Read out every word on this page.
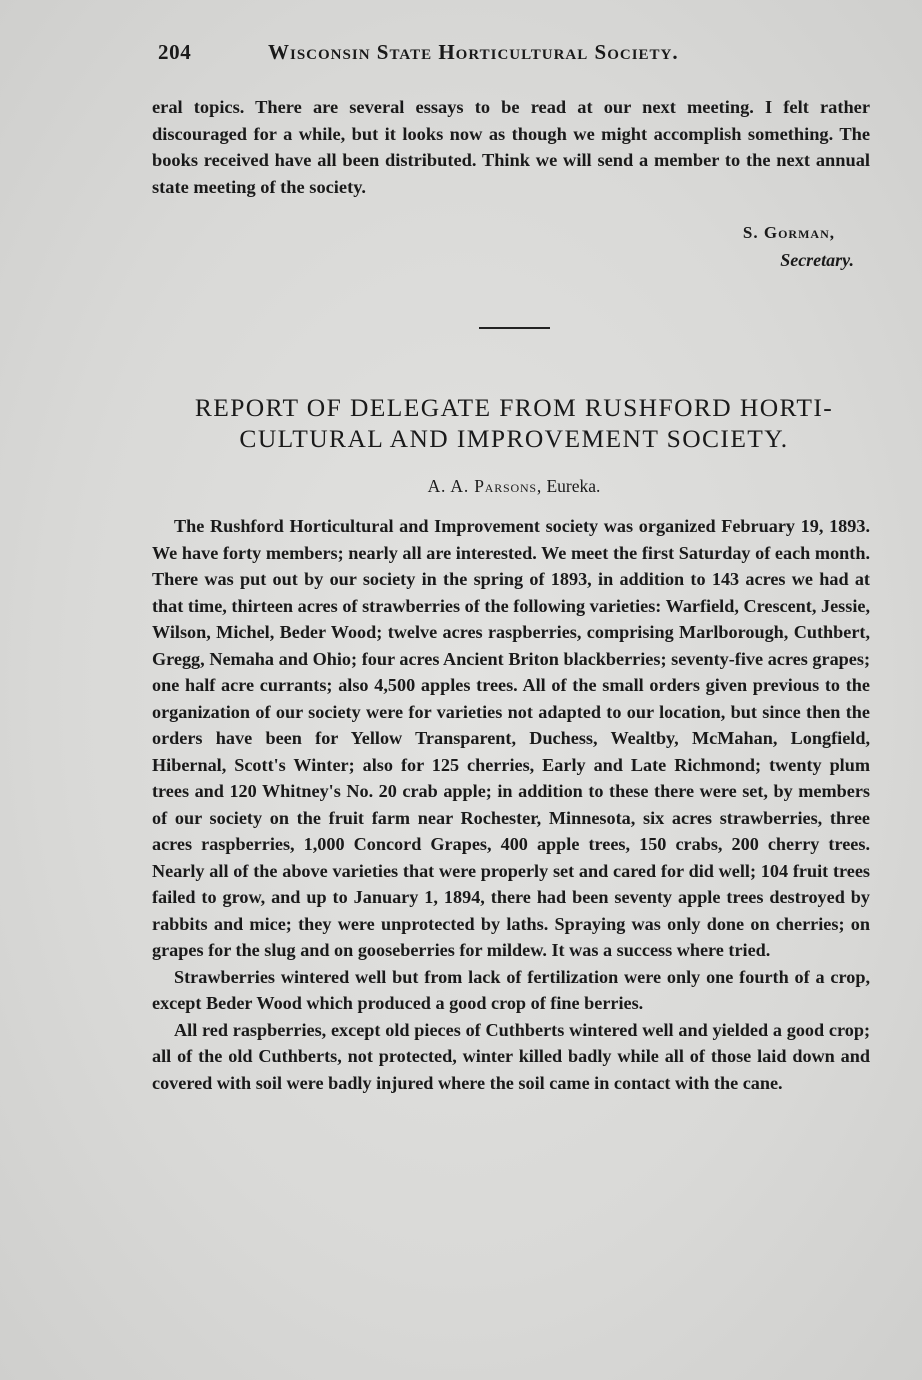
204	Wisconsin State Horticultural Society.
eral topics. There are several essays to be read at our next meeting. I felt rather discouraged for a while, but it looks now as though we might accomplish something. The books received have all been distributed. Think we will send a member to the next annual state meeting of the society.
S. Gorman,
Secretary.
REPORT OF DELEGATE FROM RUSHFORD HORTI- CULTURAL AND IMPROVEMENT SOCIETY.
A. A. Parsons, Eureka.

The Rushford Horticultural and Improvement society was organized February 19, 1893. We have forty members; nearly all are interested. We meet the first Saturday of each month. There was put out by our society in the spring of 1893, in addition to 143 acres we had at that time, thirteen acres of strawberries of the following varieties: Warfield, Crescent, Jessie, Wilson, Michel, Beder Wood; twelve acres raspberries, comprising Marlborough, Cuthbert, Gregg, Nemaha and Ohio; four acres Ancient Briton blackberries; seventy-five acres grapes; one half acre currants; also 4,500 apples trees. All of the small orders given previous to the organization of our society were for varieties not adapted to our location, but since then the orders have been for Yellow Transparent, Duchess, Wealtby, McMahan, Longfield, Hibernal, Scott's Winter; also for 125 cherries, Early and Late Richmond; twenty plum trees and 120 Whitney's No. 20 crab apple; in addition to these there were set, by members of our society on the fruit farm near Rochester, Minnesota, six acres strawberries, three acres raspberries, 1,000 Concord Grapes, 400 apple trees, 150 crabs, 200 cherry trees. Nearly all of the above varieties that were properly set and cared for did well; 104 fruit trees failed to grow, and up to January 1, 1894, there had been seventy apple trees destroyed by rabbits and mice; they were unprotected by laths. Spraying was only done on cherries; on grapes for the slug and on gooseberries for mildew. It was a success where tried.

Strawberries wintered well but from lack of fertilization were only one fourth of a crop, except Beder Wood which produced a good crop of fine berries.

All red raspberries, except old pieces of Cuthberts wintered well and yielded a good crop; all of the old Cuthberts, not protected, winter killed badly while all of those laid down and covered with soil were badly injured where the soil came in contact with the cane.
